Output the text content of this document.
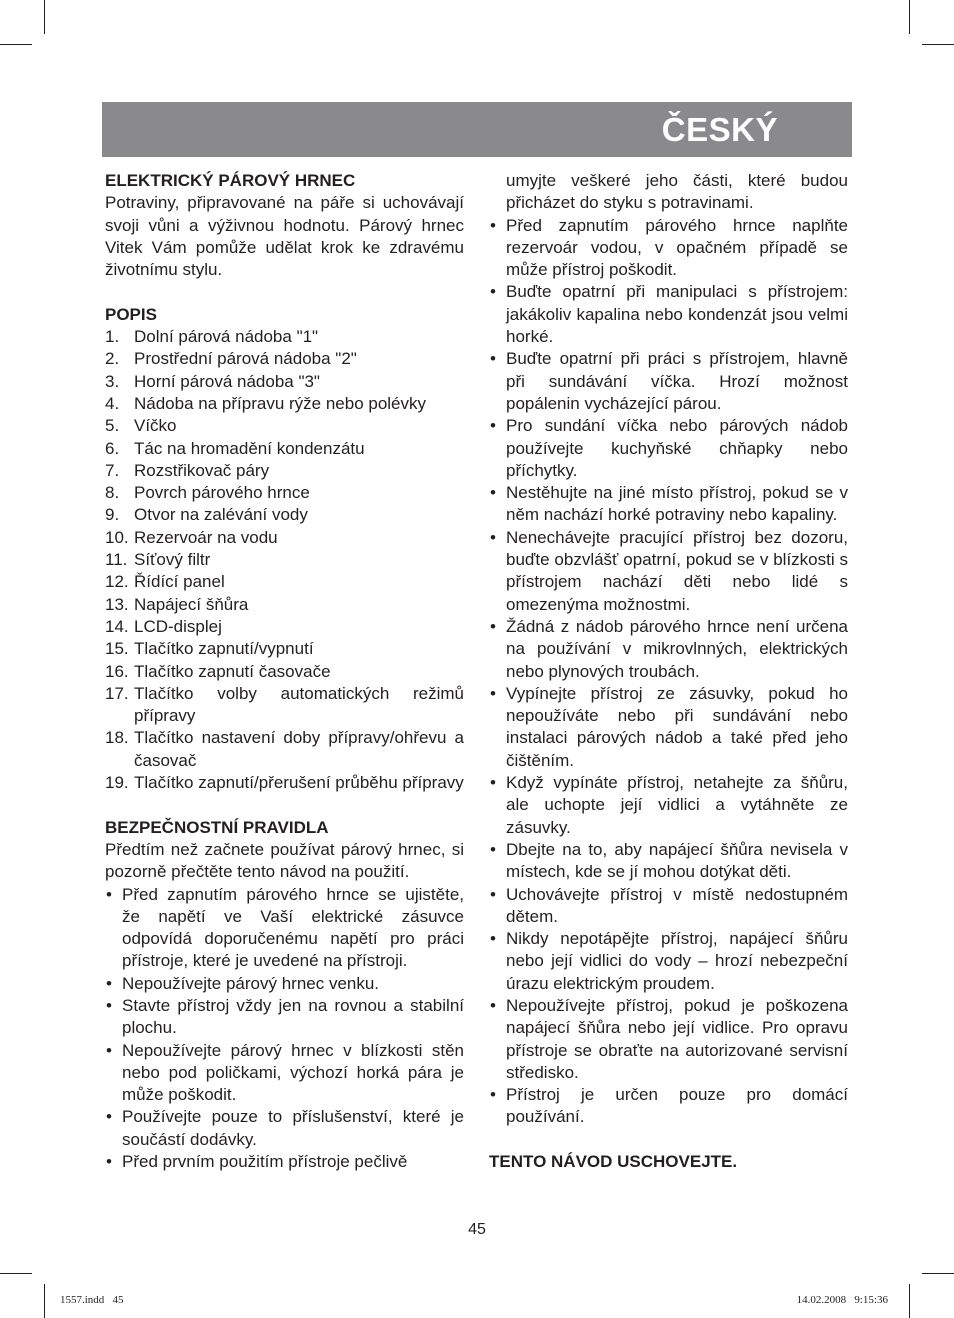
ČESKÝ
ELEKTRICKÝ PÁROVÝ HRNEC
Potraviny, připravované na páře si uchovávají svoji vůni a výživnou hodnotu. Párový hrnec Vitek Vám pomůže udělat krok ke zdravému životnímu stylu.
POPIS
1. Dolní párová nádoba "1"
2. Prostřední párová nádoba "2"
3. Horní párová nádoba "3"
4. Nádoba na přípravu rýže nebo polévky
5. Víčko
6. Tác na hromadění kondenzátu
7. Rozstřikovač páry
8. Povrch párového hrnce
9. Otvor na zalévání vody
10. Rezervoár na vodu
11. Síťový filtr
12. Řídící panel
13. Napájecí šňůra
14. LCD-displej
15. Tlačítko zapnutí/vypnutí
16. Tlačítko zapnutí časovače
17. Tlačítko volby automatických režimů přípravy
18. Tlačítko nastavení doby přípravy/ohřevu a časovač
19. Tlačítko zapnutí/přerušení průběhu přípravy
BEZPEČNOSTNÍ PRAVIDLA
Předtím než začnete používat párový hrnec, si pozorně přečtěte tento návod na použití.
• Před zapnutím párového hrnce se ujistěte, že napětí ve Vaší elektrické zásuvce odpovídá doporučenému napětí pro práci přístroje, které je uvedené na přístroji.
• Nepoužívejte párový hrnec venku.
• Stavte přístroj vždy jen na rovnou a stabilní plochu.
• Nepoužívejte párový hrnec v blízkosti stěn nebo pod poličkami, výchozí horká pára je může poškodit.
• Používejte pouze to příslušenství, které je součástí dodávky.
• Před prvním použitím přístroje pečlivě
umyjte veškeré jeho části, které budou přicházet do styku s potravinami.
• Před zapnutím párového hrnce naplňte rezervoár vodou, v opačném případě se může přístroj poškodit.
• Buďte opatrní při manipulaci s přístrojem: jakákoliv kapalina nebo kondenzát jsou velmi horké.
• Buďte opatrní při práci s přístrojem, hlavně při sundávání víčka. Hrozí možnost popálenin vycházející párou.
• Pro sundání víčka nebo párových nádob používejte kuchyňské chňapky nebo příchytky.
• Nestěhujte na jiné místo přístroj, pokud se v něm nachází horké potraviny nebo kapaliny.
• Nenechávejte pracující přístroj bez dozoru, buďte obzvlášť opatrní, pokud se v blízkosti s přístrojem nachází děti nebo lidé s omezenýma možnostmi.
• Žádná z nádob párového hrnce není určena na používání v mikrovlnných, elektrických nebo plynových troubách.
• Vypínejte přístroj ze zásuvky, pokud ho nepoužíváte nebo při sundávání nebo instalaci párových nádob a také před jeho čištěním.
• Když vypínáte přístroj, netahejte za šňůru, ale uchopte její vidlici a vytáhněte ze zásuvky.
• Dbejte na to, aby napájecí šňůra nevisela v místech, kde se jí mohou dotýkat děti.
• Uchovávejte přístroj v místě nedostupném dětem.
• Nikdy nepotápějte přístroj, napájecí šňůru nebo její vidlici do vody – hrozí nebezpeční úrazu elektrickým proudem.
• Nepoužívejte přístroj, pokud je poškozena napájecí šňůra nebo její vidlice. Pro opravu přístroje se obraťte na autorizované servisní středisko.
• Přístroj je určen pouze pro domácí používání.
TENTO NÁVOD USCHOVEJTE.
45
1557.indd   45	14.02.2008   9:15:36
